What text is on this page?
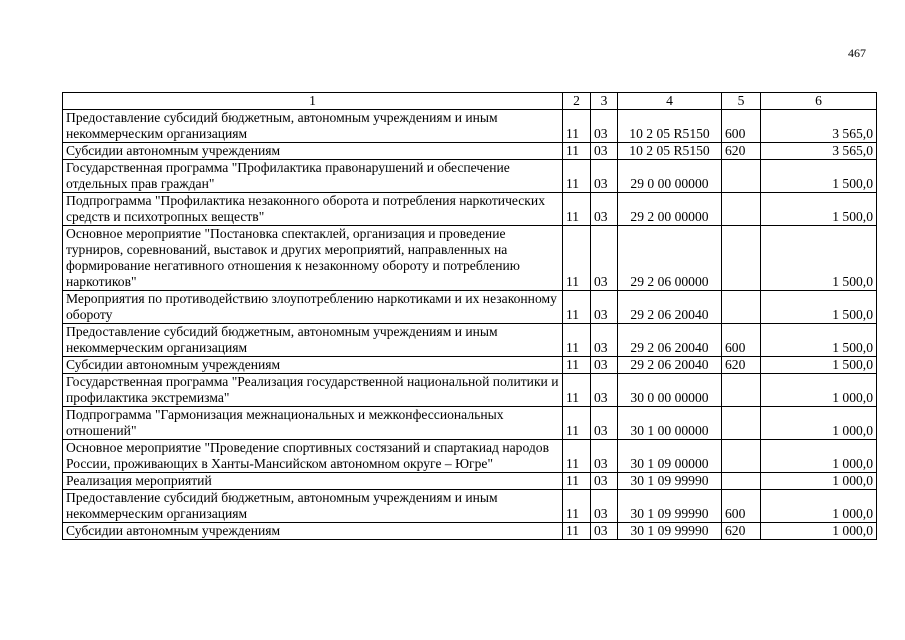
467
1	2	3	4	5	6
Предоставление субсидий бюджетным, автономным учреждениям и иным некоммерческим организациям	11	03	10 2 05 R5150	600	3 565,0
Субсидии автономным учреждениям	11	03	10 2 05 R5150	620	3 565,0
Государственная программа "Профилактика правонарушений и обеспечение отдельных прав граждан"	11	03	29 0 00 00000		1 500,0
Подпрограмма "Профилактика незаконного оборота и потребления наркотических средств и психотропных веществ"	11	03	29 2 00 00000		1 500,0
Основное мероприятие "Постановка спектаклей, организация и проведение турниров, соревнований, выставок и других мероприятий, направленных на формирование негативного отношения к незаконному обороту и потреблению наркотиков"	11	03	29 2 06 00000		1 500,0
Мероприятия по противодействию злоупотреблению наркотиками и их незаконному обороту	11	03	29 2 06 20040		1 500,0
Предоставление субсидий бюджетным, автономным учреждениям и иным некоммерческим организациям	11	03	29 2 06 20040	600	1 500,0
Субсидии автономным учреждениям	11	03	29 2 06 20040	620	1 500,0
Государственная программа "Реализация государственной национальной политики и профилактика экстремизма"	11	03	30 0 00 00000		1 000,0
Подпрограмма "Гармонизация межнациональных и межконфессиональных отношений"	11	03	30 1 00 00000		1 000,0
Основное мероприятие "Проведение спортивных состязаний и спартакиад народов России, проживающих в Ханты-Мансийском автономном округе – Югре"	11	03	30 1 09 00000		1 000,0
Реализация мероприятий	11	03	30 1 09 99990		1 000,0
Предоставление субсидий бюджетным, автономным учреждениям и иным некоммерческим организациям	11	03	30 1 09 99990	600	1 000,0
Субсидии автономным учреждениям	11	03	30 1 09 99990	620	1 000,0
